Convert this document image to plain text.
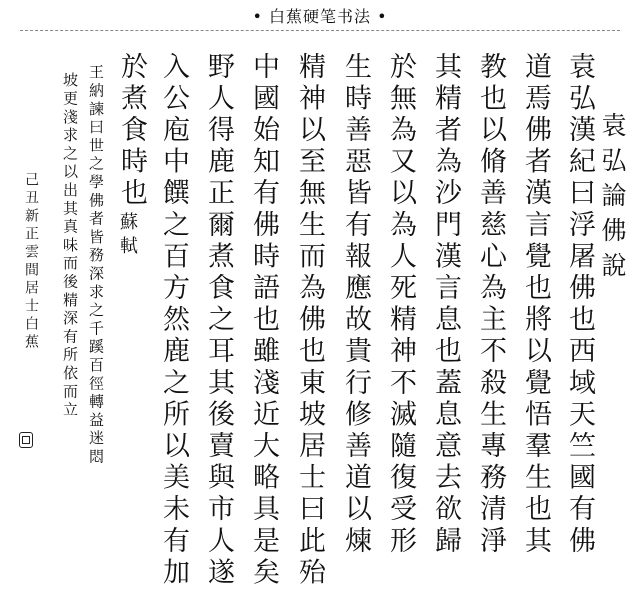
• 白蕉硬笔书法 •
袁弘論佛說
袁弘漢紀曰浮屠佛也西域天竺國有佛
道焉佛者漢言覺也將以覺悟羣生也其
教也以脩善慈心為主不殺生專務清淨
其精者為沙門漢言息也蓋息意去欲歸
於無為又以為人死精神不滅隨復受形
生時善惡皆有報應故貴行修善道以煉
精神以至無生而為佛也東坡居士曰此殆
中國始知有佛時語也雖淺近大略具是矣
野人得鹿正爾煮食之耳其後賣與市人遂
入公庖中饌之百方然鹿之所以美未有加
於煮食時也
蘇軾
王納諫曰世之學佛者皆務深求之千蹊百徑轉益迷悶
坡更淺求之以出其真味而後精深有所依而立
己丑新正雲間居士白蕉
